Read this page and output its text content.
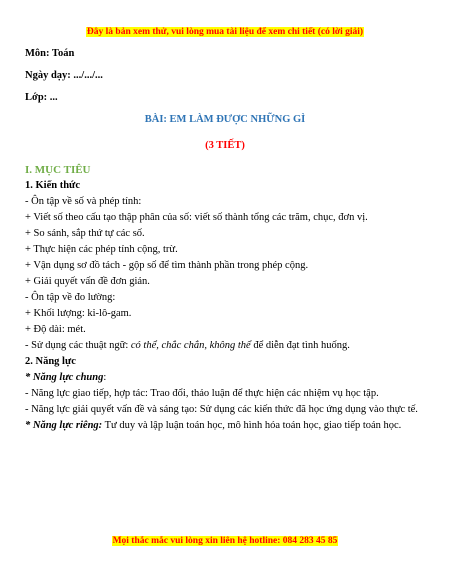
Đây là bản xem thử, vui lòng mua tài liệu để xem chi tiết (có lời giải)
Môn: Toán
Ngày dạy: .../.../...
Lớp: ...
BÀI: EM LÀM ĐƯỢC NHỮNG GÌ
(3 TIẾT)
I. MỤC TIÊU
1. Kiến thức
- Ôn tập về số và phép tính:
+ Viết số theo cấu tạo thập phân của số: viết số thành tổng các trăm, chục, đơn vị.
+ So sánh, sắp thứ tự các số.
+ Thực hiện các phép tính cộng, trừ.
+ Vận dụng sơ đồ tách - gộp số để tìm thành phần trong phép cộng.
+ Giải quyết vấn đề đơn giản.
- Ôn tập về đo lường:
+ Khối lượng: ki-lô-gam.
+ Độ dài: mét.
- Sử dụng các thuật ngữ: có thể, chắc chắn, không thể để diễn đạt tình huống.
2. Năng lực
* Năng lực chung:
- Năng lực giao tiếp, hợp tác: Trao đổi, thảo luận để thực hiện các nhiệm vụ học tập.
- Năng lực giải quyết vấn đề và sáng tạo: Sử dụng các kiến thức đã học ứng dụng vào thực tế.
* Năng lực riêng: Tư duy và lập luận toán học, mô hình hóa toán học, giao tiếp toán học.
Mọi thắc mắc vui lòng xin liên hệ hotline: 084 283 45 85
